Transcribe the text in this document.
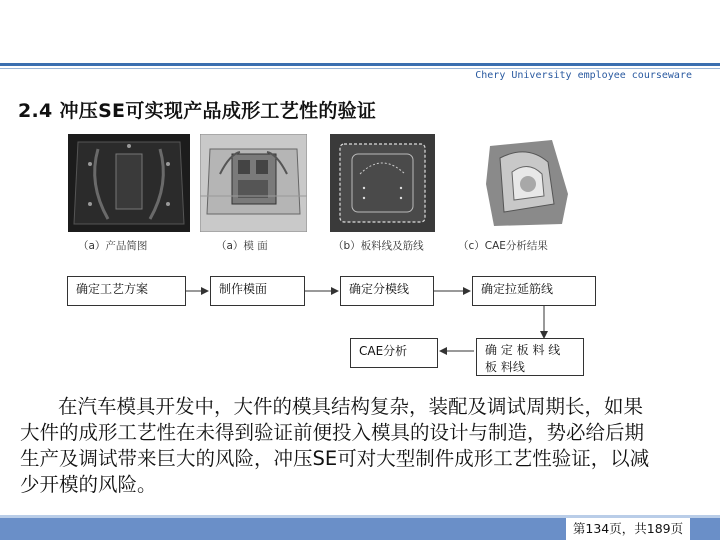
Chery University employee courseware
2.4 冲压SE可实现产品成形工艺性的验证
（a）产品简图	（a）模 面	（b）板料线及筋线	（c）CAE分析结果
确定工艺方案	制作模面	确定分模线	确定拉延筋线
确 定 板 料 线 板 料线
CAE分析
在汽车模具开发中，大件的模具结构复杂，装配及调试周期长，如果大件的成形工艺性在未得到验证前便投入模具的设计与制造，势必给后期生产及调试带来巨大的风险，冲压SE可对大型制件成形工艺性验证，以减少开模的风险。
第134页，共189页
